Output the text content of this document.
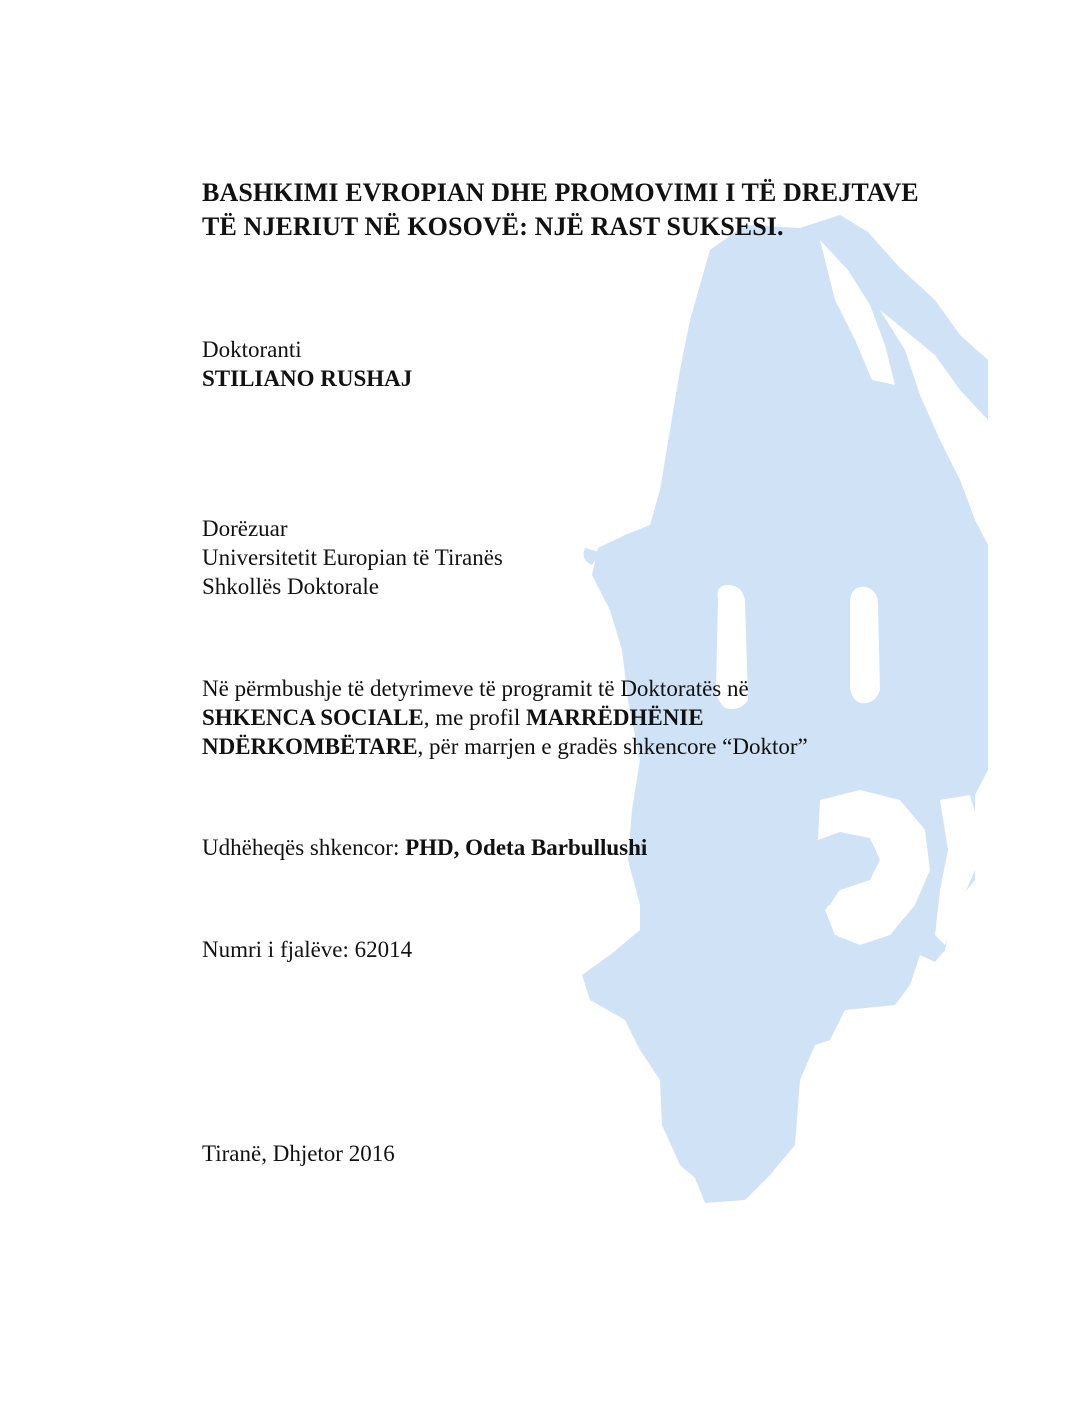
BASHKIMI EVROPIAN DHE PROMOVIMI I TË DREJTAVE
TË NJERIUT NË KOSOVË: NJË RAST SUKSESI.
Doktoranti
STILIANO RUSHAJ
Dorëzuar
Universitetit Europian të Tiranës
Shkollës Doktorale
Në përmbushje të detyrimeve të programit të Doktoratës në
SHKENCA SOCIALE, me profil MARRËDHËNIE
NDËRKOMBËTARE, për marrjen e gradës shkencore “Doktor”
Udhëheqës shkencor: PHD, Odeta Barbullushi
Numri i fjalëve: 62014
Tiranë, Dhjetor 2016
